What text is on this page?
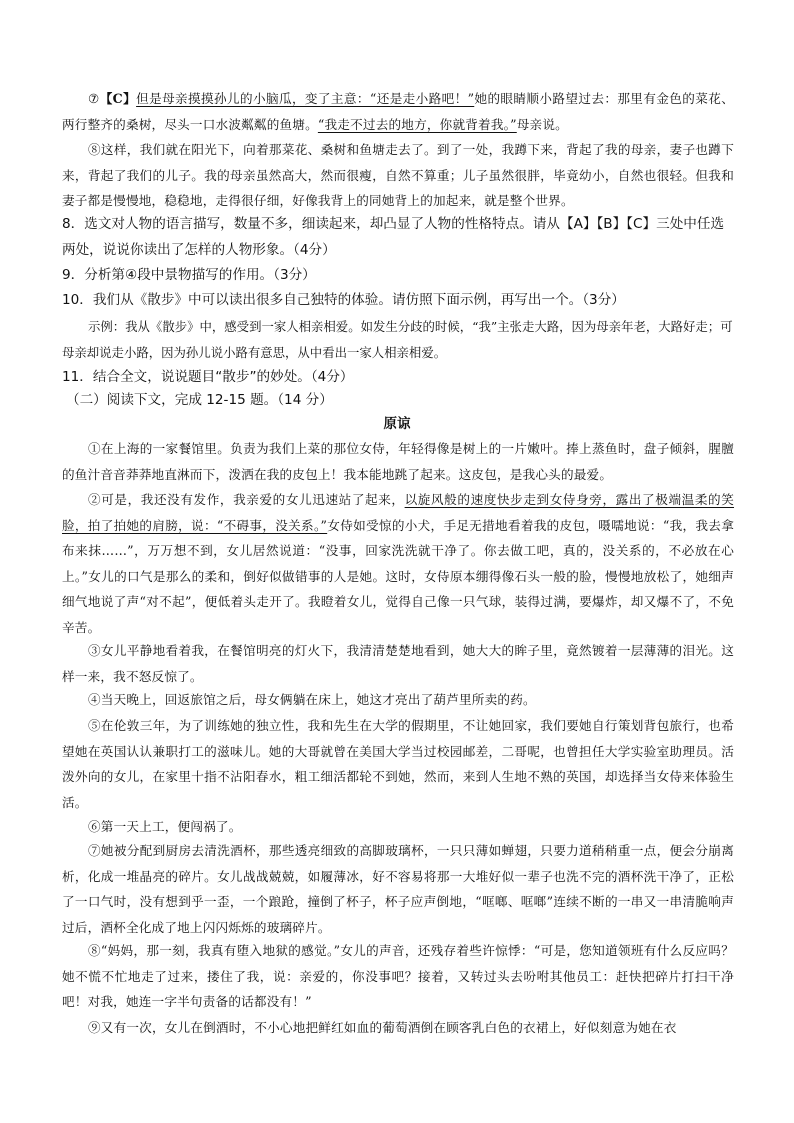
⑦【C】但是母亲摸摸孙儿的小脑瓜，变了主意：“还是走小路吧！”她的眼睛顺小路望过去：那里有金色的菜花、两行整齐的桑树，尽头一口水波粼粼的鱼塘。“我走不过去的地方，你就背着我。”母亲说。

⑧这样，我们就在阳光下，向着那菜花、桑树和鱼塘走去了。到了一处，我蹲下来，背起了我的母亲，妻子也蹲下来，背起了我们的儿子。我的母亲虽然高大，然而很瘦，自然不算重；儿子虽然很胖，毕竟幼小，自然也很轻。但我和妻子都是慢慢地，稳稳地，走得很仔细，好像我背上的同她背上的加起来，就是整个世界。

8．选文对人物的语言描写，数量不多，细读起来，却凸显了人物的性格特点。请从【A】【B】【C】三处中任选两处，说说你读出了怎样的人物形象。（4分）

9．分析第④段中景物描写的作用。（3分）

10．我们从《散步》中可以读出很多自己独特的体验。请仿照下面示例，再写出一个。（3分）

示例：我从《散步》中，感受到一家人相亲相爱。如发生分歧的时候，“我”主张走大路，因为母亲年老，大路好走；可母亲却说走小路，因为孙儿说小路有意思，从中看出一家人相亲相爱。

11．结合全文，说说题目“散步”的妙处。（4分）

（二）阅读下文，完成 12-15 题。（14 分）

原谅

①在上海的一家餐馆里。负责为我们上菜的那位女侍，年轻得像是树上的一片嫩叶。捧上蒸鱼时，盘子倾斜，腥膻的鱼汁音音莽莽地直淋而下，泼洒在我的皮包上！我本能地跳了起来。这皮包，是我心头的最爱。

②可是，我还没有发作，我亲爱的女儿迅速站了起来，以旋风般的速度快步走到女侍身旁，露出了极端温柔的笑脸，拍了拍她的肩膀，说：“不碍事，没关系。”女侍如受惊的小犬，手足无措地看着我的皮包，嗫嚅地说：“我，我去拿布来抹……”，万万想不到，女儿居然说道：“没事，回家洗洗就干净了。你去做工吧，真的，没关系的，不必放在心上。”女儿的口气是那么的柔和，倒好似做错事的人是她。这时，女侍原本绷得像石头一般的脸，慢慢地放松了，她细声细气地说了声“对不起”，便低着头走开了。我瞪着女儿，觉得自己像一只气球，装得过满，要爆炸，却又爆不了，不免辛苦。

③女儿平静地看着我，在餐馆明亮的灯火下，我清清楚楚地看到，她大大的眸子里，竟然镀着一层薄薄的泪光。这样一来，我不怒反惊了。

④当天晚上，回返旅馆之后，母女俩躺在床上，她这才亮出了葫芦里所卖的药。

⑤在伦敦三年，为了训练她的独立性，我和先生在大学的假期里，不让她回家，我们要她自行策划背包旅行，也希望她在英国认认兼职打工的滋味儿。她的大哥就曾在美国大学当过校园邮差，二哥呢，也曾担任大学实验室助理员。活泼外向的女儿，在家里十指不沾阳春水，粗工细活都轮不到她，然而，来到人生地不熟的英国，却选择当女侍来体验生活。

⑥第一天上工，便闯祸了。

⑦她被分配到厨房去清洗酒杯，那些透亮细致的高脚玻璃杯，一只只薄如蝉翅，只要力道稍稍重一点，便会分崩离析，化成一堆晶亮的碎片。女儿战战兢兢，如履薄冰，好不容易将那一大堆好似一辈子也洗不完的酒杯洗干净了，正松了一口气时，没有想到乎一歪，一个踉跄，撞倒了杯子，杯子应声倒地，“哐啷、哐啷”连续不断的一串又一串清脆响声过后，酒杯全化成了地上闪闪烁烁的玻璃碎片。

⑧“妈妈，那一刻，我真有堕入地狱的感觉。”女儿的声音，还残存着些许惊悸：“可是，您知道领班有什么反应吗？她不慌不忙地走了过来，搂住了我，说：亲爱的，你没事吧？接着，又转过头去吩咐其他员工：赶快把碎片打扫干净吧！对我，她连一字半句责备的话都没有！”

⑨又有一次，女儿在倒酒时，不小心地把鲜红如血的葡萄酒倒在顾客乳白色的衣裙上，好似刻意为她在衣
